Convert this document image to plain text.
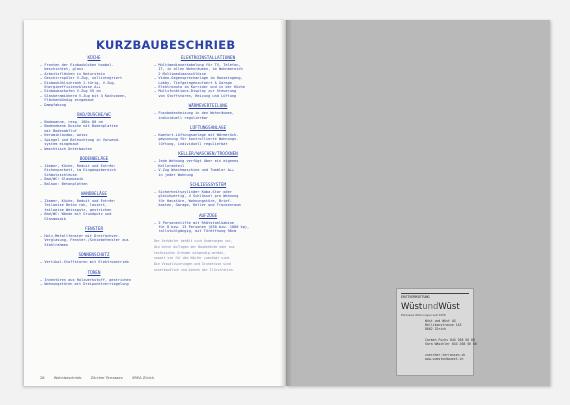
KURZBAUBESCHRIEB
KÜCHE
– Fronten der Einbaukücken hoobel-
beschichtet, glanz
– Arbeitsflächen in Naturstein
– Geschirrspüler V-Zug, vollintegriert
– Einbaukühlschrank 2-türig, V-Zug,
Energieeffizienzklasse A++
– Einbaubackofen V-Zug 55 cm
– Glaskeramikherd V-Zug mit 4 Kochzonen,
Flächenbündig eingebaut
– Dampfabzug
BAD/DUSCHE/WC
– Badewanne, resp. 180x 80 cm
– Bodenebene Dusche mit Bodenplatten
mit Bodenabfluf
– Keramiklavabo, weiss
– Spiegel und Beleuchtung in Vorwand-
system eingebaut
– Waschtisch Unterbauten
BODENBELÄGE
– Zimmer, Küche, Reduit und Entrée:
Eichenparkett, im Eingangsbereich
Schmutzschleuse
– Bad/WC: Glasmosaik
– Balkon: Betonplatten
WANDBELÄGE
– Zimmer, Küche, Reduit und Entrée:
Teilweise Beton roh, lasiert,
teilweise Weissputz, gestrichen
– Bad/WC: Wände mit Grundputz und
Glasmosaik
FENSTER
– Holz-Metallfenster mit Dreifachver-
Verglasung, Fenster-/Schiebefenster aus
Stahlrahmen
SONNENSCHUTZ
– Vertikal-Stoffstoren mit Elektroantrieb
TÜREN
– Innentüren aus Holzwerkstoff, gestrichen
– Wohnungstüren mit Dreipunktverriegelung
ELEKTROINSTALLATIONEN
– Multimediaverkabelung für TV, Telefon,
IT, in allen Wohnräumen, im Wohnbereich
2 Multimediaanschlüsse
– Video-Gegensprechanlage im Hauseingang,
Lobby, Tiefgaragenzufahrt & Garage
– Elektroauto im Korridor und in der Küche
– Multifunktions-Display zur Steuerung
von Stoffstoren, Heizung und Lüftung
WÄRMEVERTEILUNG
– Fussbodenheizung in den Wohnräumen,
individuell regulierbar
LÜFTUNGSANLAGE
– Komfort-Lüftungsanlage mit Wärmerück-
gewinnung für kontrollierte Wohnungs-
lüftung, individuell regulierbar
KELLER/WASCHEN/TROCKNEN
– Jede Wohnung verfügt über ein eigenes
Kellerabteil
– V-Zug Waschmaschine und Tumbler A++
in jeder Wohnung
SCHLIESSSYSTEM
– Sicherheitszylinder Kaba-Star oder
gleichwertig, 4 Schlüssel pro Wohnung
für Haustüre, Wohnungstüre, Brief-
kasten, Garage, Keller und Trockenraum
AUFZÜGE
– 2 Personenlifte mit Rhätstahlkabine
für 8 bzw. 13 Personen (630 bzw. 1000 kg),
rollstuhlgängig, mit Türöffnung 90cm
Der Verkäufer behält sich Änderungen vor,
die durch Auflagen der Baubehörde oder aus
technischen Gründen notwendig werden,
soweit sie für den Käufer zumutbar sind.
Die Visualisierungen und Grundrisse sind
unverbindlich und dienen der Illustration.
28	Wohnbeschrieb	Zürcher Terrassen	SREA Zürich
ERSTVERMIETUNG
WüstundWüst
Exklusive Wohnungen seit 1958
Wüst und Wüst AG
Bellikonstrasse 143
8002 Zürich
Carmen Fuchs 044 268 56 80
Sara Wäschler 044 268 56 86
zuercher-terrassen.ch
www.wuestundwuest.ch
